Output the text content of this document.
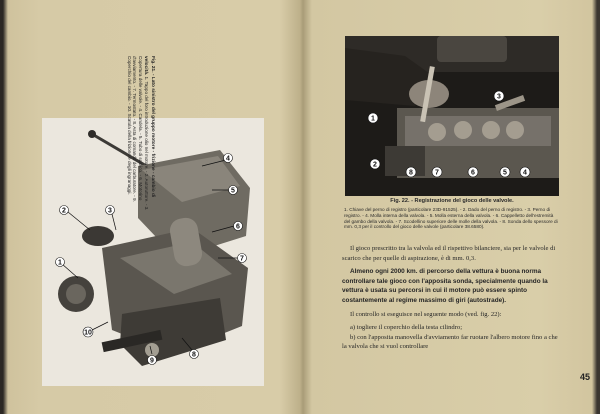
4
5
6
7
2	3
1
8
9
10
Fig. 21. - Lato sinistro del gruppo motore - frizione - cambio di velocità. 1. Tappo del foro introduzione olio nel motore. - 2. Autoruttore. - 3. Copertura delle valvole. - 4. Candela. - 5. Tubo di scarico. - 6. Motorino d'avviamento. - 7. Termostato. - 8. Asta di comando del carburatore. - 9. Coperchio del cambio. - 10. Scatola della frizione e degli ingranaggi.	1
2
3
4
5
6
7
8
Fig. 22. - Registrazione del gioco delle valvole.
1. Chiave del perno di registro (particolare 23D-91525). - 2. Dado del perno di registro. - 3. Perno di registro. - 4. Molla interna della valvola. - 5. Molla esterna della valvola. - 6. Cappelletto dell'estremità del gambo della valvola. - 7. Scodellino superiore delle molle della valvola. - 8. Sonda dello spessore di mm. 0,3 per il controllo del gioco delle valvole (particolare 38.6580).

Il gioco prescritto tra la valvola ed il rispettivo bilanciere, sia per le valvole di scarico che per quelle di aspirazione, è di mm. 0,3.

Almeno ogni 2000 km. di percorso della vettura è buona norma controllare tale gioco con l'apposita sonda, specialmente quando la vettura è usata su percorsi in cui il motore può essere spinto costantemente al regime massimo di giri (autostrade).

Il controllo si eseguisce nel seguente modo (ved. fig. 22):

a) togliere il coperchio della testa cilindro;

b) con l'apposita manovella d'avviamento far ruotare l'albero motore fino a che la valvola che si vuol controllare

45
